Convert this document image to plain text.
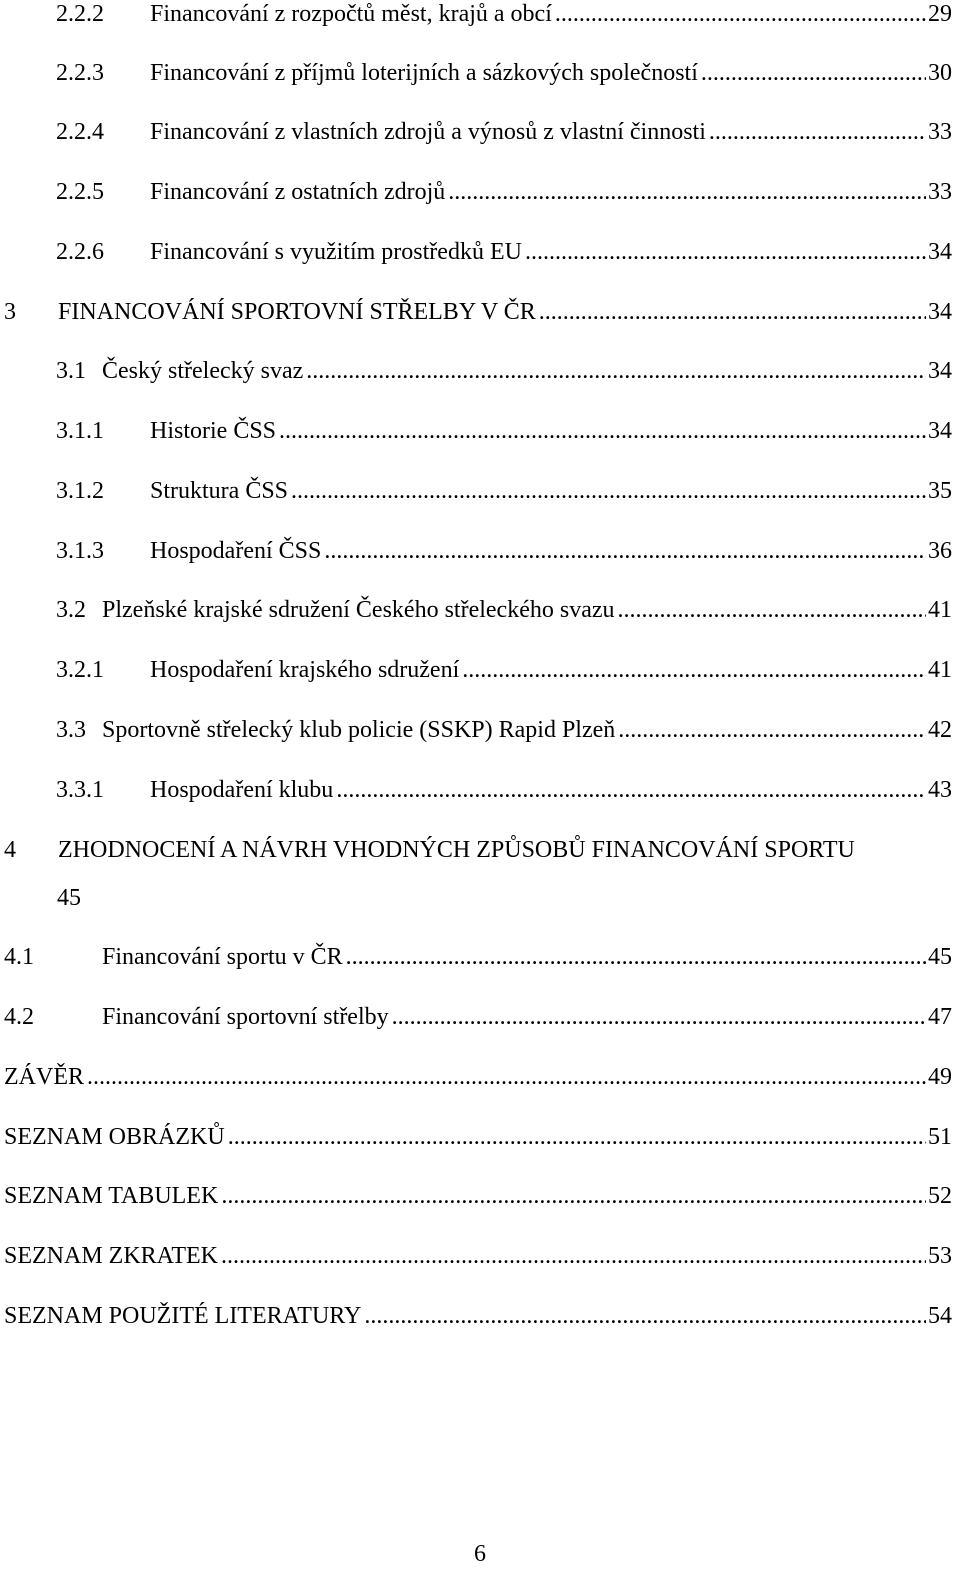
2.2.2	Financování z rozpočtů měst, krajů a obcí .....	29
2.2.3	Financování z příjmů loterijních a sázkových společností .....	30
2.2.4	Financování z vlastních zdrojů a výnosů z vlastní činnosti .....	33
2.2.5	Financování z ostatních zdrojů .....	33
2.2.6	Financování s využitím prostředků EU .....	34
3	FINANCOVÁNÍ SPORTOVNÍ STŘELBY V ČR .....	34
3.1 Český střelecký svaz .....	34
3.1.1	Historie ČSS .....	34
3.1.2	Struktura ČSS .....	35
3.1.3	Hospodaření ČSS .....	36
3.2 Plzeňské krajské sdružení Českého střeleckého svazu .....	41
3.2.1	Hospodaření krajského sdružení .....	41
3.3 Sportovně střelecký klub policie (SSKP) Rapid Plzeň .....	42
3.3.1	Hospodaření klubu .....	43
4 ZHODNOCENÍ A NÁVRH VHODNÝCH ZPŮSOBŮ FINANCOVÁNÍ SPORTU
45
4.1	Financování sportu v ČR .....	45
4.2	Financování sportovní střelby .....	47
ZÁVĚR .....	49
SEZNAM OBRÁZKŮ .....	51
SEZNAM TABULEK .....	52
SEZNAM ZKRATEK .....	53
SEZNAM POUŽITÉ LITERATURY .....	54
6
